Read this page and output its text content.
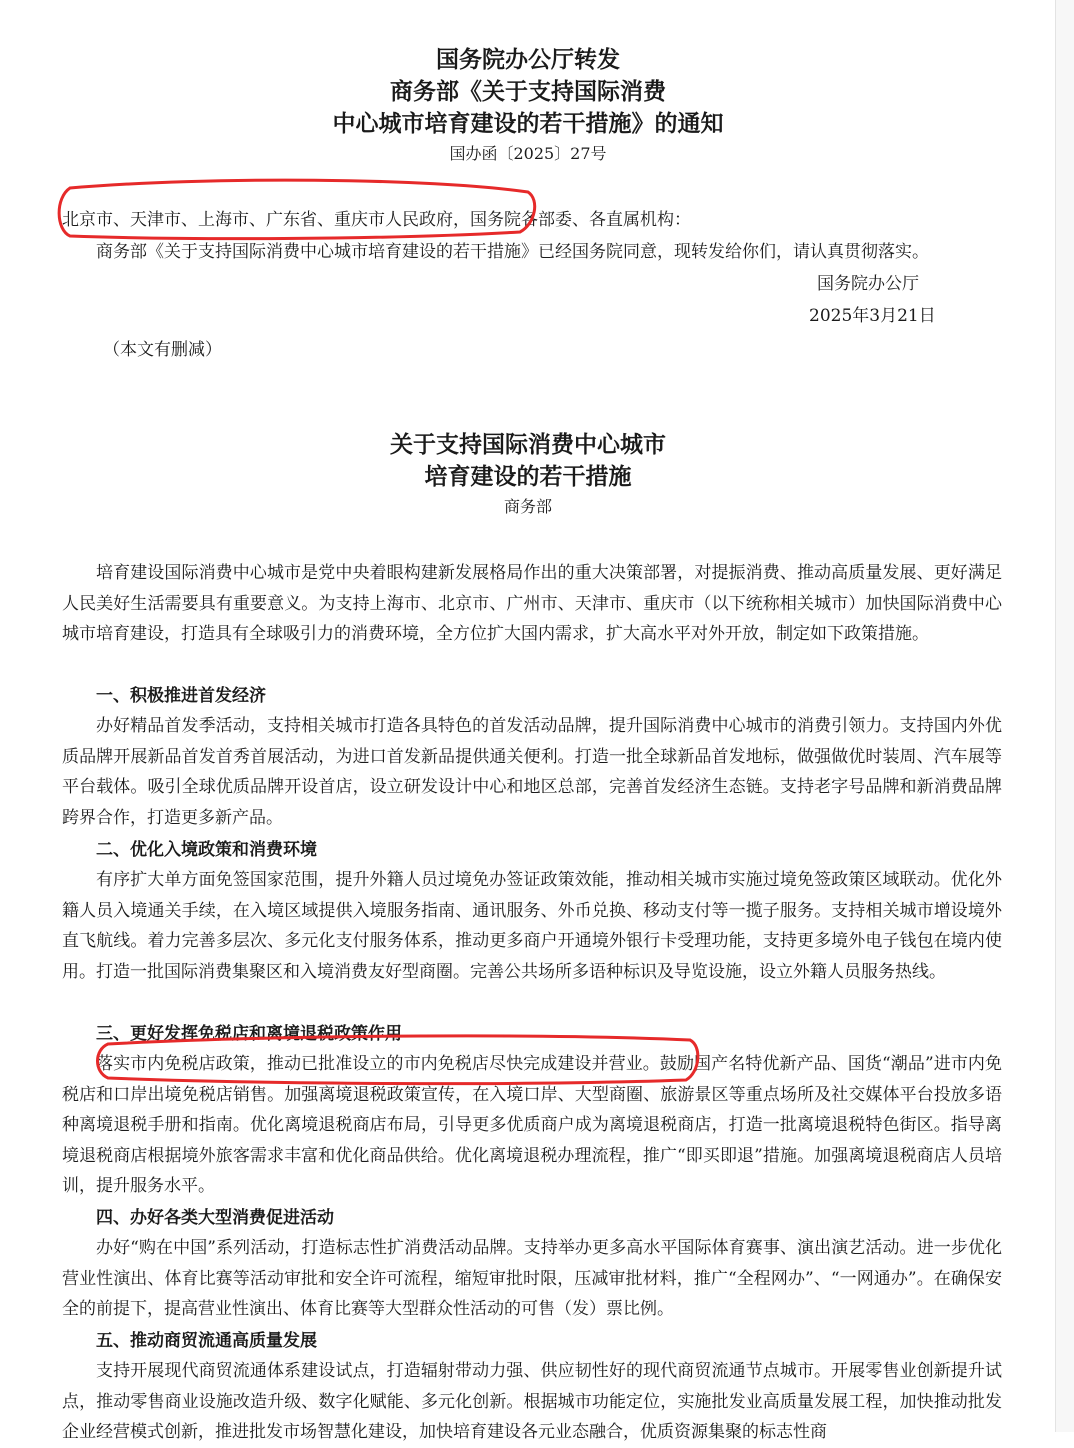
国务院办公厅转发
商务部《关于支持国际消费
中心城市培育建设的若干措施》的通知
国办函〔2025〕27号
北京市、天津市、上海市、广东省、重庆市人民政府，国务院各部委、各直属机构：
商务部《关于支持国际消费中心城市培育建设的若干措施》已经国务院同意，现转发给你们，请认真贯彻落实。
国务院办公厅
2025年3月21日
（本文有删减）
关于支持国际消费中心城市
培育建设的若干措施
商务部

培育建设国际消费中心城市是党中央着眼构建新发展格局作出的重大决策部署，对提振消费、推动高质量发展、更好满足人民美好生活需要具有重要意义。为支持上海市、北京市、广州市、天津市、重庆市（以下统称相关城市）加快国际消费中心城市培育建设，打造具有全球吸引力的消费环境，全方位扩大国内需求，扩大高水平对外开放，制定如下政策措施。

一、积极推进首发经济

办好精品首发季活动，支持相关城市打造各具特色的首发活动品牌，提升国际消费中心城市的消费引领力。支持国内外优质品牌开展新品首发首秀首展活动，为进口首发新品提供通关便利。打造一批全球新品首发地标，做强做优时装周、汽车展等平台载体。吸引全球优质品牌开设首店，设立研发设计中心和地区总部，完善首发经济生态链。支持老字号品牌和新消费品牌跨界合作，打造更多新产品。

二、优化入境政策和消费环境

有序扩大单方面免签国家范围，提升外籍人员过境免办签证政策效能，推动相关城市实施过境免签政策区域联动。优化外籍人员入境通关手续，在入境区域提供入境服务指南、通讯服务、外币兑换、移动支付等一揽子服务。支持相关城市增设境外直飞航线。着力完善多层次、多元化支付服务体系，推动更多商户开通境外银行卡受理功能，支持更多境外电子钱包在境内使用。打造一批国际消费集聚区和入境消费友好型商圈。完善公共场所多语种标识及导览设施，设立外籍人员服务热线。

三、更好发挥免税店和离境退税政策作用

落实市内免税店政策，推动已批准设立的市内免税店尽快完成建设并营业。鼓励国产名特优新产品、国货“潮品”进市内免税店和口岸出境免税店销售。加强离境退税政策宣传，在入境口岸、大型商圈、旅游景区等重点场所及社交媒体平台投放多语种离境退税手册和指南。优化离境退税商店布局，引导更多优质商户成为离境退税商店，打造一批离境退税特色街区。指导离境退税商店根据境外旅客需求丰富和优化商品供给。优化离境退税办理流程，推广“即买即退”措施。加强离境退税商店人员培训，提升服务水平。

四、办好各类大型消费促进活动

办好“购在中国”系列活动，打造标志性扩消费活动品牌。支持举办更多高水平国际体育赛事、演出演艺活动。进一步优化营业性演出、体育比赛等活动审批和安全许可流程，缩短审批时限，压减审批材料，推广“全程网办”、“一网通办”。在确保安全的前提下，提高营业性演出、体育比赛等大型群众性活动的可售（发）票比例。

五、推动商贸流通高质量发展

支持开展现代商贸流通体系建设试点，打造辐射带动力强、供应韧性好的现代商贸流通节点城市。开展零售业创新提升试点，推动零售商业设施改造升级、数字化赋能、多元化创新。根据城市功能定位，实施批发业高质量发展工程，加快推动批发企业经营模式创新，推进批发市场智慧化建设，加快培育建设各元业态融合，优质资源集聚的标志性商
